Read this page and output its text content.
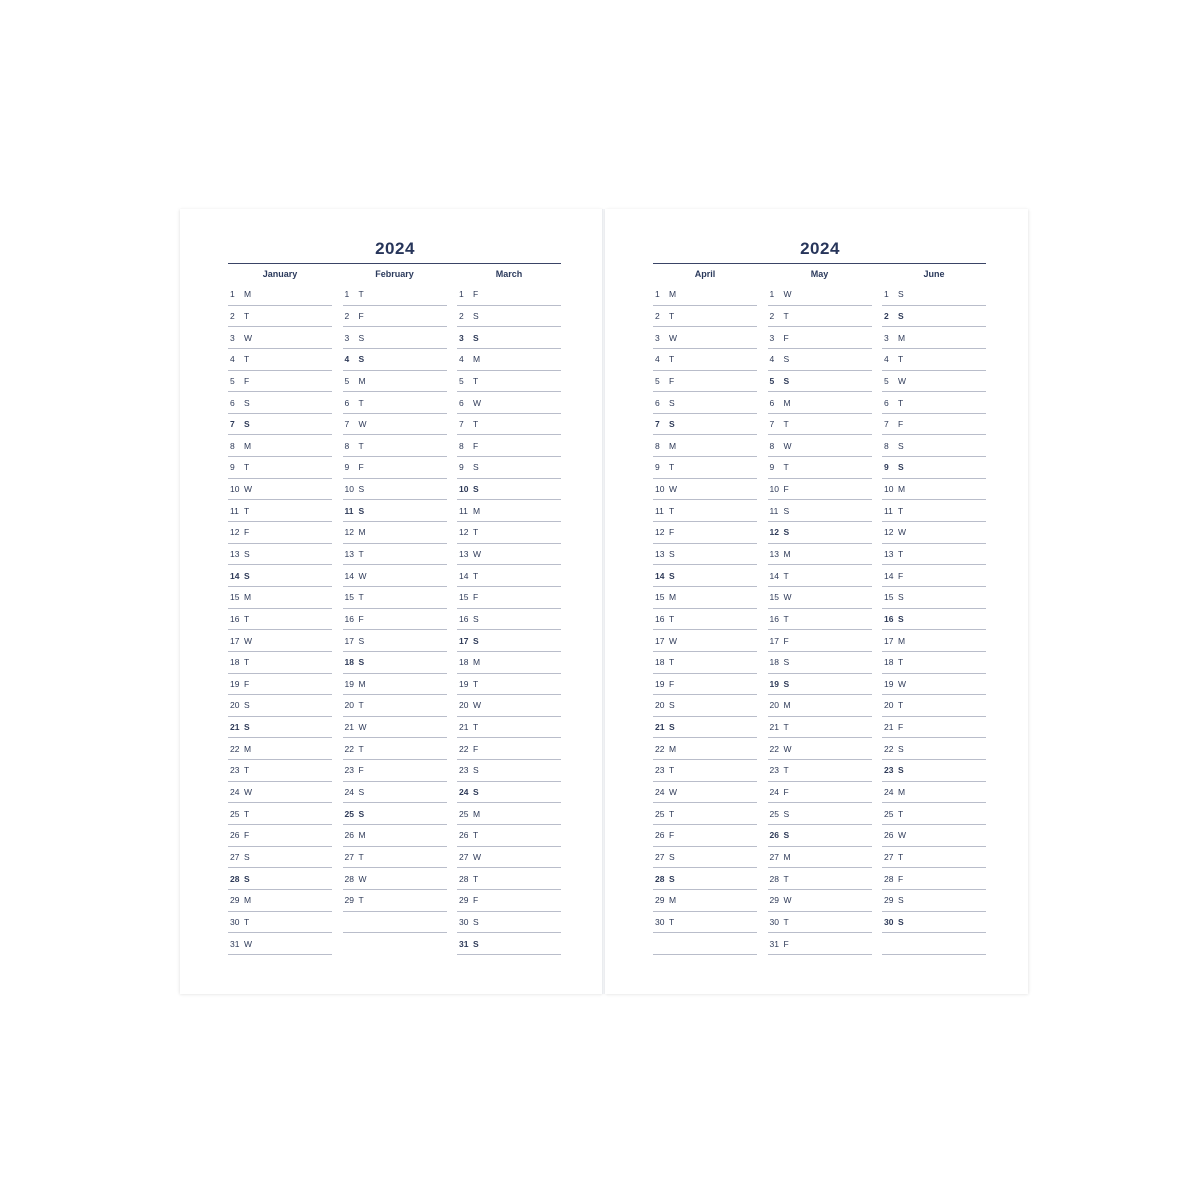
2024
January
1	M
2	T
3	W
4	T
5	F
6	S
7	S
8	M
9	T
10 W
11 T
12 F
13 S
14 S
15 M
16 T
17 W
18 T
19 F
20 S
21 S
22 M
23 T
24 W
25 T
26 F
27 S
28 S
29 M
30 T
31 W
February
1	T
2	F
3	S
4	S
5	M
6	T
7	W
8	T
9	F
10 S
11 S
12 M
13 T
14 W
15 T
16 F
17 S
18 S
19 M
20 T
21 W
22 T
23 F
24 S
25 S
26 M
27 T
28 W
29 T
March
1	F
2	S
3	S
4	M
5	T
6	W
7	T
8	F
9	S
10 S
11 M
12 T
13 W
14 T
15 F
16 S
17 S
18 M
19 T
20 W
21 T
22 F
23 S
24 S
25 M
26 T
27 W
28 T
29 F
30 S
31 S
2024
April
1	M
2	T
3	W
4	T
5	F
6	S
7	S
8	M
9	T
10 W
11 T
12 F
13 S
14 S
15 M
16 T
17 W
18 T
19 F
20 S
21 S
22 M
23 T
24 W
25 T
26 F
27 S
28 S
29 M
30 T
May
1	W
2	T
3	F
4	S
5	S
6	M
7	T
8	W
9	T
10 F
11 S
12 S
13 M
14 T
15 W
16 T
17 F
18 S
19 S
20 M
21 T
22 W
23 T
24 F
25 S
26 S
27 M
28 T
29 W
30 T
31 F
June
1	S
2	S
3	M
4	T
5	W
6	T
7	F
8	S
9	S
10 M
11 T
12 W
13 T
14 F
15 S
16 S
17 M
18 T
19 W
20 T
21 F
22 S
23 S
24 M
25 T
26 W
27 T
28 F
29 S
30 S
